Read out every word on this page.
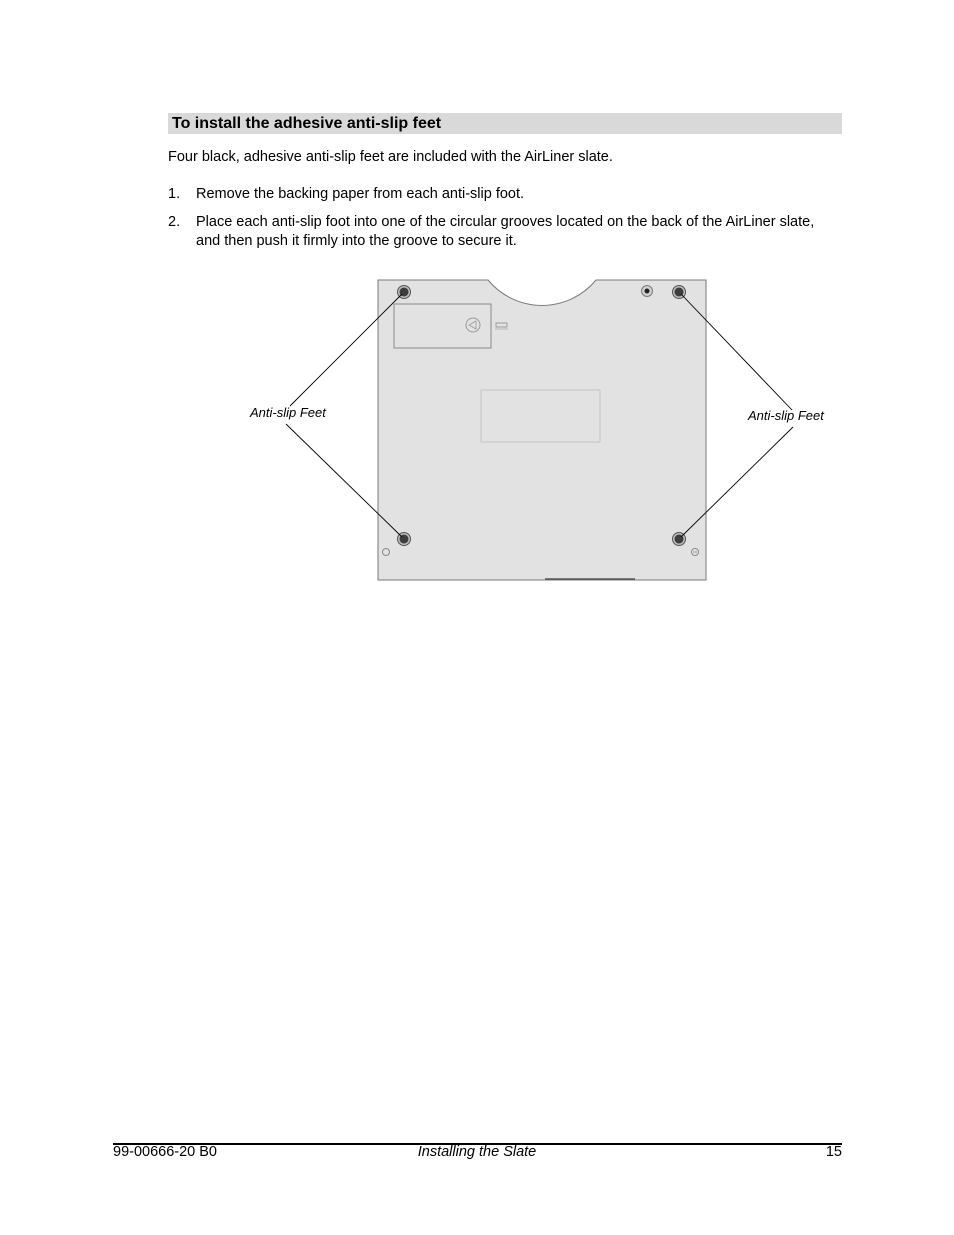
To install the adhesive anti-slip feet
Four black, adhesive anti-slip feet are included with the AirLiner slate.
1. Remove the backing paper from each anti-slip foot.
2. Place each anti-slip foot into one of the circular grooves located on the back of the AirLiner slate, and then push it firmly into the groove to secure it.
Anti-slip Feet	Anti-slip Feet
99-00666-20 B0	Installing the Slate	15
